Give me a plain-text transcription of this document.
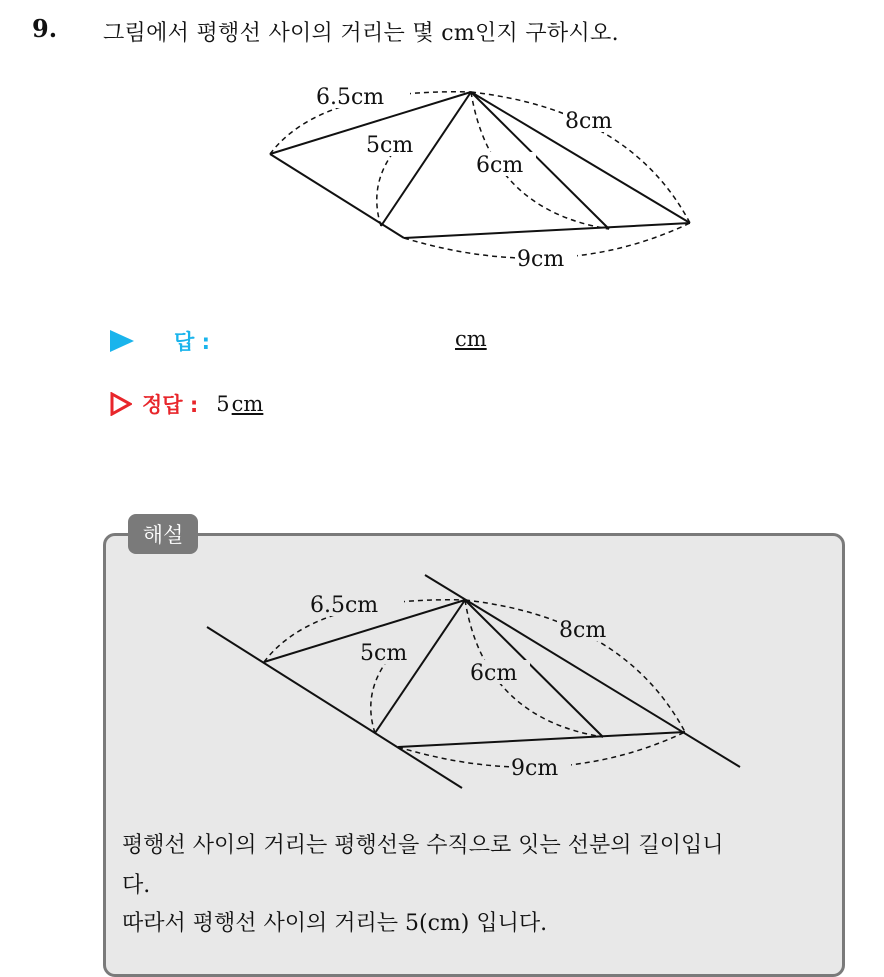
9. 그림에서 평행선 사이의 거리는 몇 cm인지 구하시오.
6.5cm
5cm
6cm
8cm
9cm
답 :	cm
정답 : 5 cm
해설
6.5cm
5cm
6cm
8cm
9cm
평행선 사이의 거리는 평행선을 수직으로 잇는 선분의 길이입니
다.
따라서 평행선 사이의 거리는 5(cm) 입니다.
